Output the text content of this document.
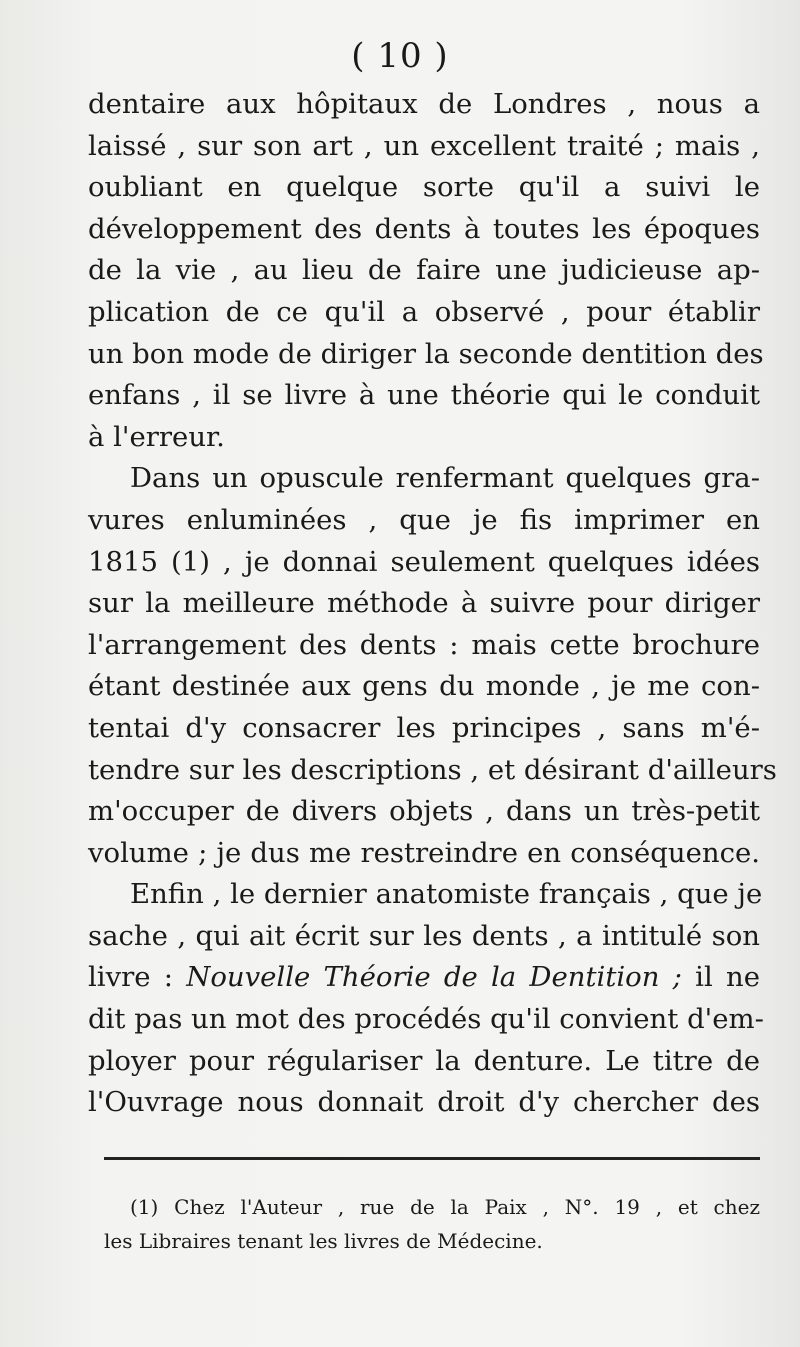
( 10 )
dentaire aux hôpitaux de Londres , nous a
laissé , sur son art , un excellent traité ; mais ,
oubliant en quelque sorte qu'il a suivi le
développement des dents à toutes les époques
de la vie , au lieu de faire une judicieuse ap-
plication de ce qu'il a observé , pour établir
un bon mode de diriger la seconde dentition des
enfans , il se livre à une théorie qui le conduit
à l'erreur.
Dans un opuscule renfermant quelques gra-
vures enluminées , que je fis imprimer en
1815 (1) , je donnai seulement quelques idées
sur la meilleure méthode à suivre pour diriger
l'arrangement des dents : mais cette brochure
étant destinée aux gens du monde , je me con-
tentai d'y consacrer les principes , sans m'é-
tendre sur les descriptions , et désirant d'ailleurs
m'occuper de divers objets , dans un très-petit
volume ; je dus me restreindre en conséquence.
Enfin , le dernier anatomiste français , que je
sache , qui ait écrit sur les dents , a intitulé son
livre : Nouvelle Théorie de la Dentition ; il ne
dit pas un mot des procédés qu'il convient d'em-
ployer pour régulariser la denture. Le titre de
l'Ouvrage nous donnait droit d'y chercher des
(1) Chez l'Auteur , rue de la Paix , N°. 19 , et chez
les Libraires tenant les livres de Médecine.
